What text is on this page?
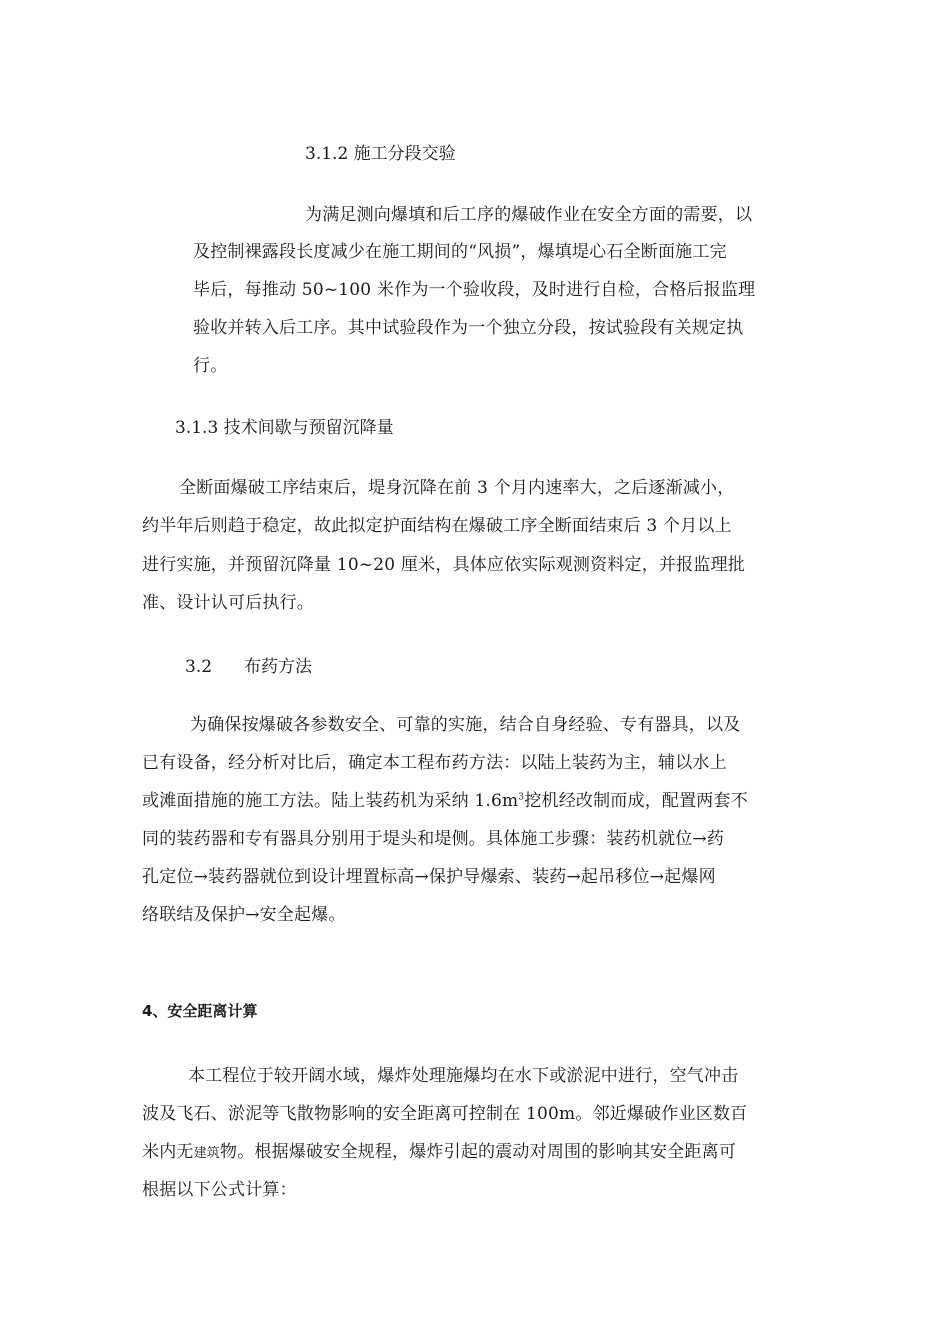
3.1.2 施工分段交验
为满足测向爆填和后工序的爆破作业在安全方面的需要，以
及控制裸露段长度减少在施工期间的“风损”，爆填堤心石全断面施工完
毕后，每推动 50~100 米作为一个验收段，及时进行自检，合格后报监理
验收并转入后工序。其中试验段作为一个独立分段，按试验段有关规定执
行。
3.1.3 技术间歇与预留沉降量
全断面爆破工序结束后，堤身沉降在前 3 个月内速率大，之后逐渐减小，
约半年后则趋于稳定，故此拟定护面结构在爆破工序全断面结束后 3 个月以上
进行实施，并预留沉降量 10~20 厘米，具体应依实际观测资料定，并报监理批
准、设计认可后执行。
3.2 布药方法
为确保按爆破各参数安全、可靠的实施，结合自身经验、专有器具，以及
已有设备，经分析对比后，确定本工程布药方法：以陆上装药为主，辅以水上
或滩面措施的施工方法。陆上装药机为采纳 $1.6m^3$挖机经改制而成，配置两套不
同的装药器和专有器具分别用于堤头和堤侧。具体施工步骤：装药机就位→药
孔定位→装药器就位到设计埋置标高→保护导爆索、装药→起吊移位→起爆网
络联结及保护→安全起爆。
4、安全距离计算
本工程位于较开阔水域，爆炸处理施爆均在水下或淤泥中进行，空气冲击
波及飞石、淤泥等飞散物影响的安全距离可控制在 100m。邻近爆破作业区数百
米内无建筑物。根据爆破安全规程，爆炸引起的震动对周围的影响其安全距离可
根据以下公式计算：
